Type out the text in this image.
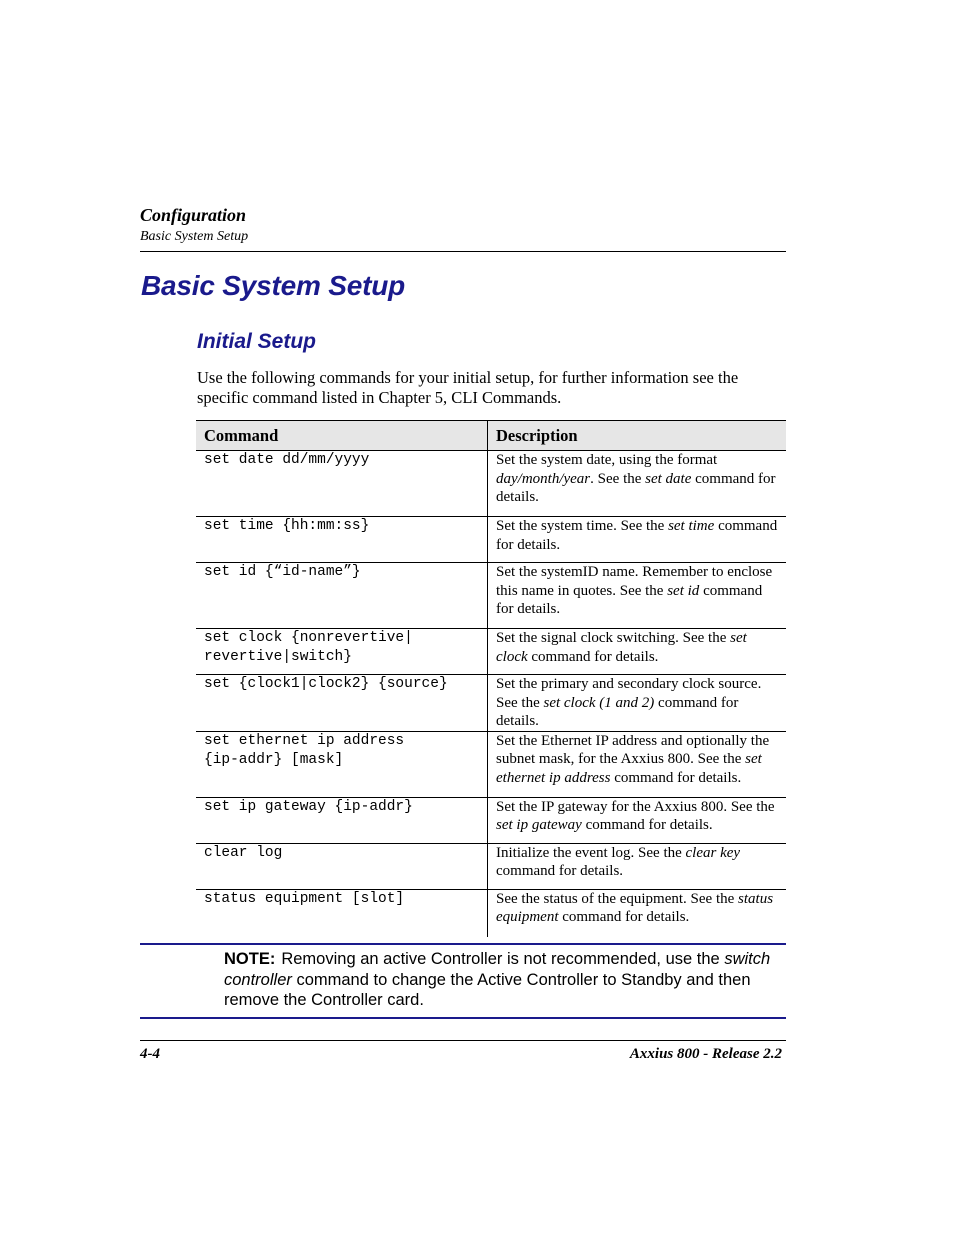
Configuration
Basic System Setup
Basic System Setup
Initial Setup
Use the following commands for your initial setup, for further information see the specific command listed in Chapter 5, CLI Commands.
Command	Description
set date dd/mm/yyyy	Set the system date, using the format day/month/year. See the set date command for details.
set time {hh:mm:ss}	Set the system time. See the set time command for details.
set id {“id-name”}	Set the systemID name. Remember to enclose this name in quotes. See the set id command for details.
set clock {nonrevertive|
revertive|switch}	Set the signal clock switching. See the set clock command for details.
set {clock1|clock2} {source}	Set the primary and secondary clock source. See the set clock (1 and 2) command for details.
set ethernet ip address
{ip-addr} [mask]	Set the Ethernet IP address and optionally the subnet mask, for the Axxius 800. See the set ethernet ip address command for details.
set ip gateway {ip-addr}	Set the IP gateway for the Axxius 800. See the set ip gateway command for details.
clear log	Initialize the event log. See the clear key command for details.
status equipment [slot]	See the status of the equipment. See the status equipment command for details.
NOTE: Removing an active Controller is not recommended, use the switch controller command to change the Active Controller to Standby and then remove the Controller card.
4-4	Axxius 800 - Release 2.2
